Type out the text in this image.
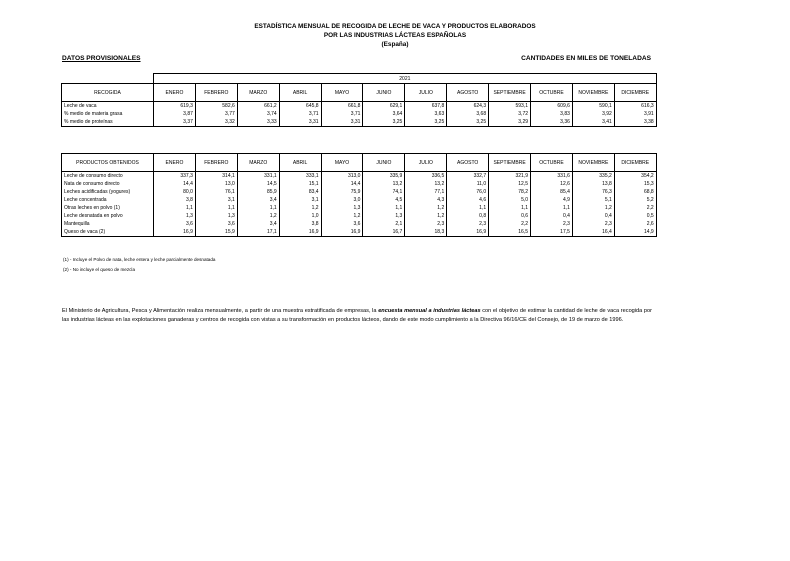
ESTADÍSTICA MENSUAL DE RECOGIDA DE LECHE DE VACA Y PRODUCTOS ELABORADOS
POR LAS INDUSTRIAS LÁCTEAS ESPAÑOLAS
(España)
DATOS PROVISIONALES	CANTIDADES EN MILES DE TONELADAS
	2021											
RECOGIDA	ENERO	FEBRERO	MARZO	ABRIL	MAYO	JUNIO	JULIO	AGOSTO	SEPTIEMBRE	OCTUBRE	NOVIEMBRE	DICIEMBRE
Leche de vaca	619,3	582,6	661,2	645,8	661,8	629,1	637,8	624,3	593,1	609,6	590,1	616,3
% medio de materia grasa	3,87	3,77	3,74	3,71	3,71	3,64	3,63	3,68	3,72	3,83	3,92	3,91
% medio de proteínas	3,37	3,32	3,33	3,31	3,31	3,25	3,25	3,25	3,29	3,36	3,41	3,38
PRODUCTOS OBTENIDOS	ENERO	FEBRERO	MARZO	ABRIL	MAYO	JUNIO	JULIO	AGOSTO	SEPTIEMBRE	OCTUBRE	NOVIEMBRE	DICIEMBRE
Leche de consumo directo	337,3	314,1	331,1	333,1	313,0	335,9	336,5	332,7	321,9	331,6	335,2	354,2
Nata de consumo directo	14,4	13,0	14,5	15,1	14,4	13,2	13,2	11,0	12,5	12,6	13,8	15,3
Leches acidificadas (yogures)	80,0	76,1	85,9	83,4	75,9	74,1	77,1	76,0	78,2	85,4	76,3	68,8
Leche concentrada	3,8	3,1	3,4	3,1	3,0	4,5	4,3	4,6	5,0	4,9	5,1	5,2
Otras leches en polvo (1)	1,1	1,1	1,1	1,2	1,3	1,1	1,2	1,1	1,1	1,1	1,2	2,2
Leche desnatada en polvo	1,3	1,3	1,2	1,0	1,2	1,3	1,2	0,8	0,6	0,4	0,4	0,5
Mantequilla	3,6	3,6	3,4	3,8	3,6	2,1	2,3	2,3	2,2	2,3	2,3	2,6
Queso de vaca (2)	16,9	15,9	17,1	16,9	16,9	16,7	18,3	16,9	16,5	17,5	16,4	14,9
(1) - Incluye el Polvo de nata, leche entera y leche parcialmente desnatada
(2) - No incluye el queso de mezcla
El Ministerio de Agricultura, Pesca y Alimentación realiza mensualmente, a partir de una muestra estratificada de empresas, la encuesta mensual a industrias lácteas con el objetivo de estimar la cantidad de leche de vaca recogida por las industrias lácteas en las explotaciones ganaderas y centros de recogida con vistas a su transformación en productos lácteos, dando de este modo cumplimiento a la Directiva 96/16/CE del Consejo, de 19 de marzo de 1996.
